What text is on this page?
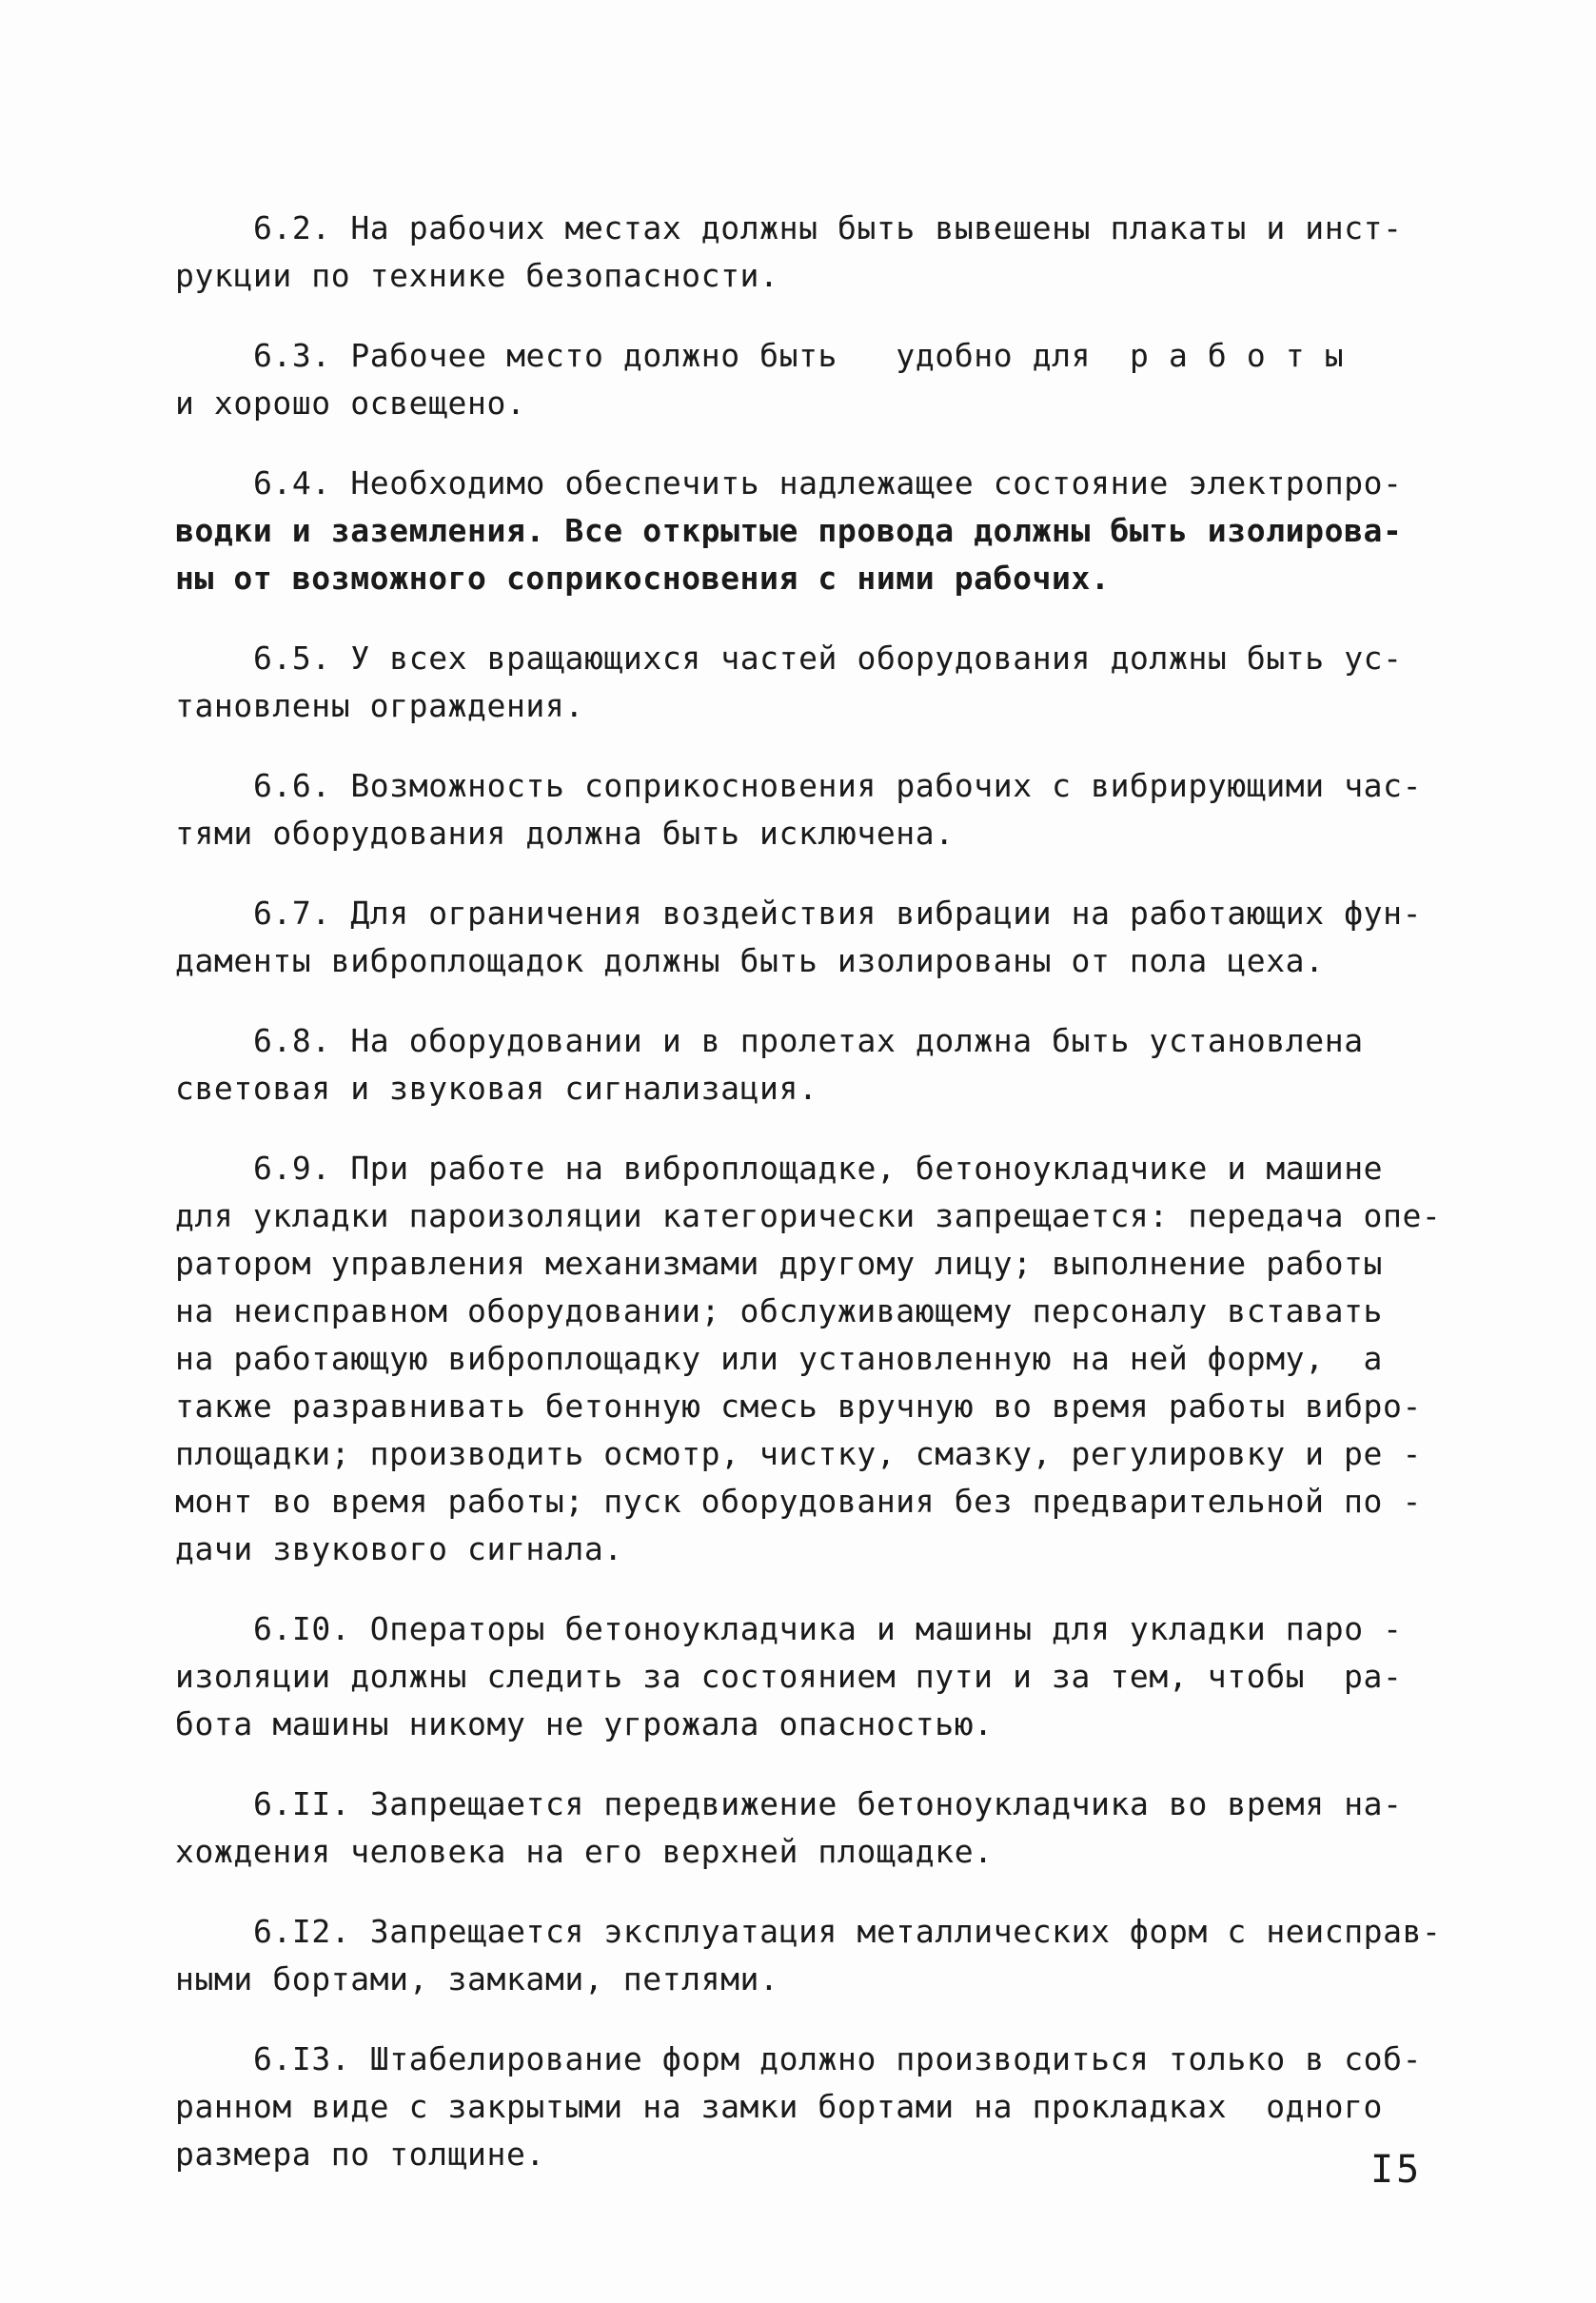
6.2. На рабочих местах должны быть вывешены плакаты и инст-
рукции по технике безопасности.
6.3. Рабочее место должно быть   удобно для  р а б о т ы
и хорошо освещено.
6.4. Необходимо обеспечить надлежащее состояние электропро-
водки и заземления. Все открытые провода должны быть изолирова-
ны от возможного соприкосновения с ними рабочих.
6.5. У всех вращающихся частей оборудования должны быть ус-
тановлены ограждения.
6.6. Возможность соприкосновения рабочих с вибрирующими час-
тями оборудования должна быть исключена.
6.7. Для ограничения воздействия вибрации на работающих фун-
даменты виброплощадок должны быть изолированы от пола цеха.
6.8. На оборудовании и в пролетах должна быть установлена
световая и звуковая сигнализация.
6.9. При работе на виброплощадке, бетоноукладчике и машине
для укладки пароизоляции категорически запрещается: передача опе-
ратором управления механизмами другому лицу; выполнение работы
на неисправном оборудовании; обслуживающему персоналу вставать
на работающую виброплощадку или установленную на ней форму,  а
также разравнивать бетонную смесь вручную во время работы вибро-
площадки; производить осмотр, чистку, смазку, регулировку и ре -
монт во время работы; пуск оборудования без предварительной по -
дачи звукового сигнала.
6.I0. Операторы бетоноукладчика и машины для укладки паро -
изоляции должны следить за состоянием пути и за тем, чтобы  ра-
бота машины никому не угрожала опасностью.
6.II. Запрещается передвижение бетоноукладчика во время на-
хождения человека на его верхней площадке.
6.I2. Запрещается эксплуатация металлических форм с неисправ-
ными бортами, замками, петлями.
6.I3. Штабелирование форм должно производиться только в соб-
ранном виде с закрытыми на замки бортами на прокладках  одного
размера по толщине.	I5
